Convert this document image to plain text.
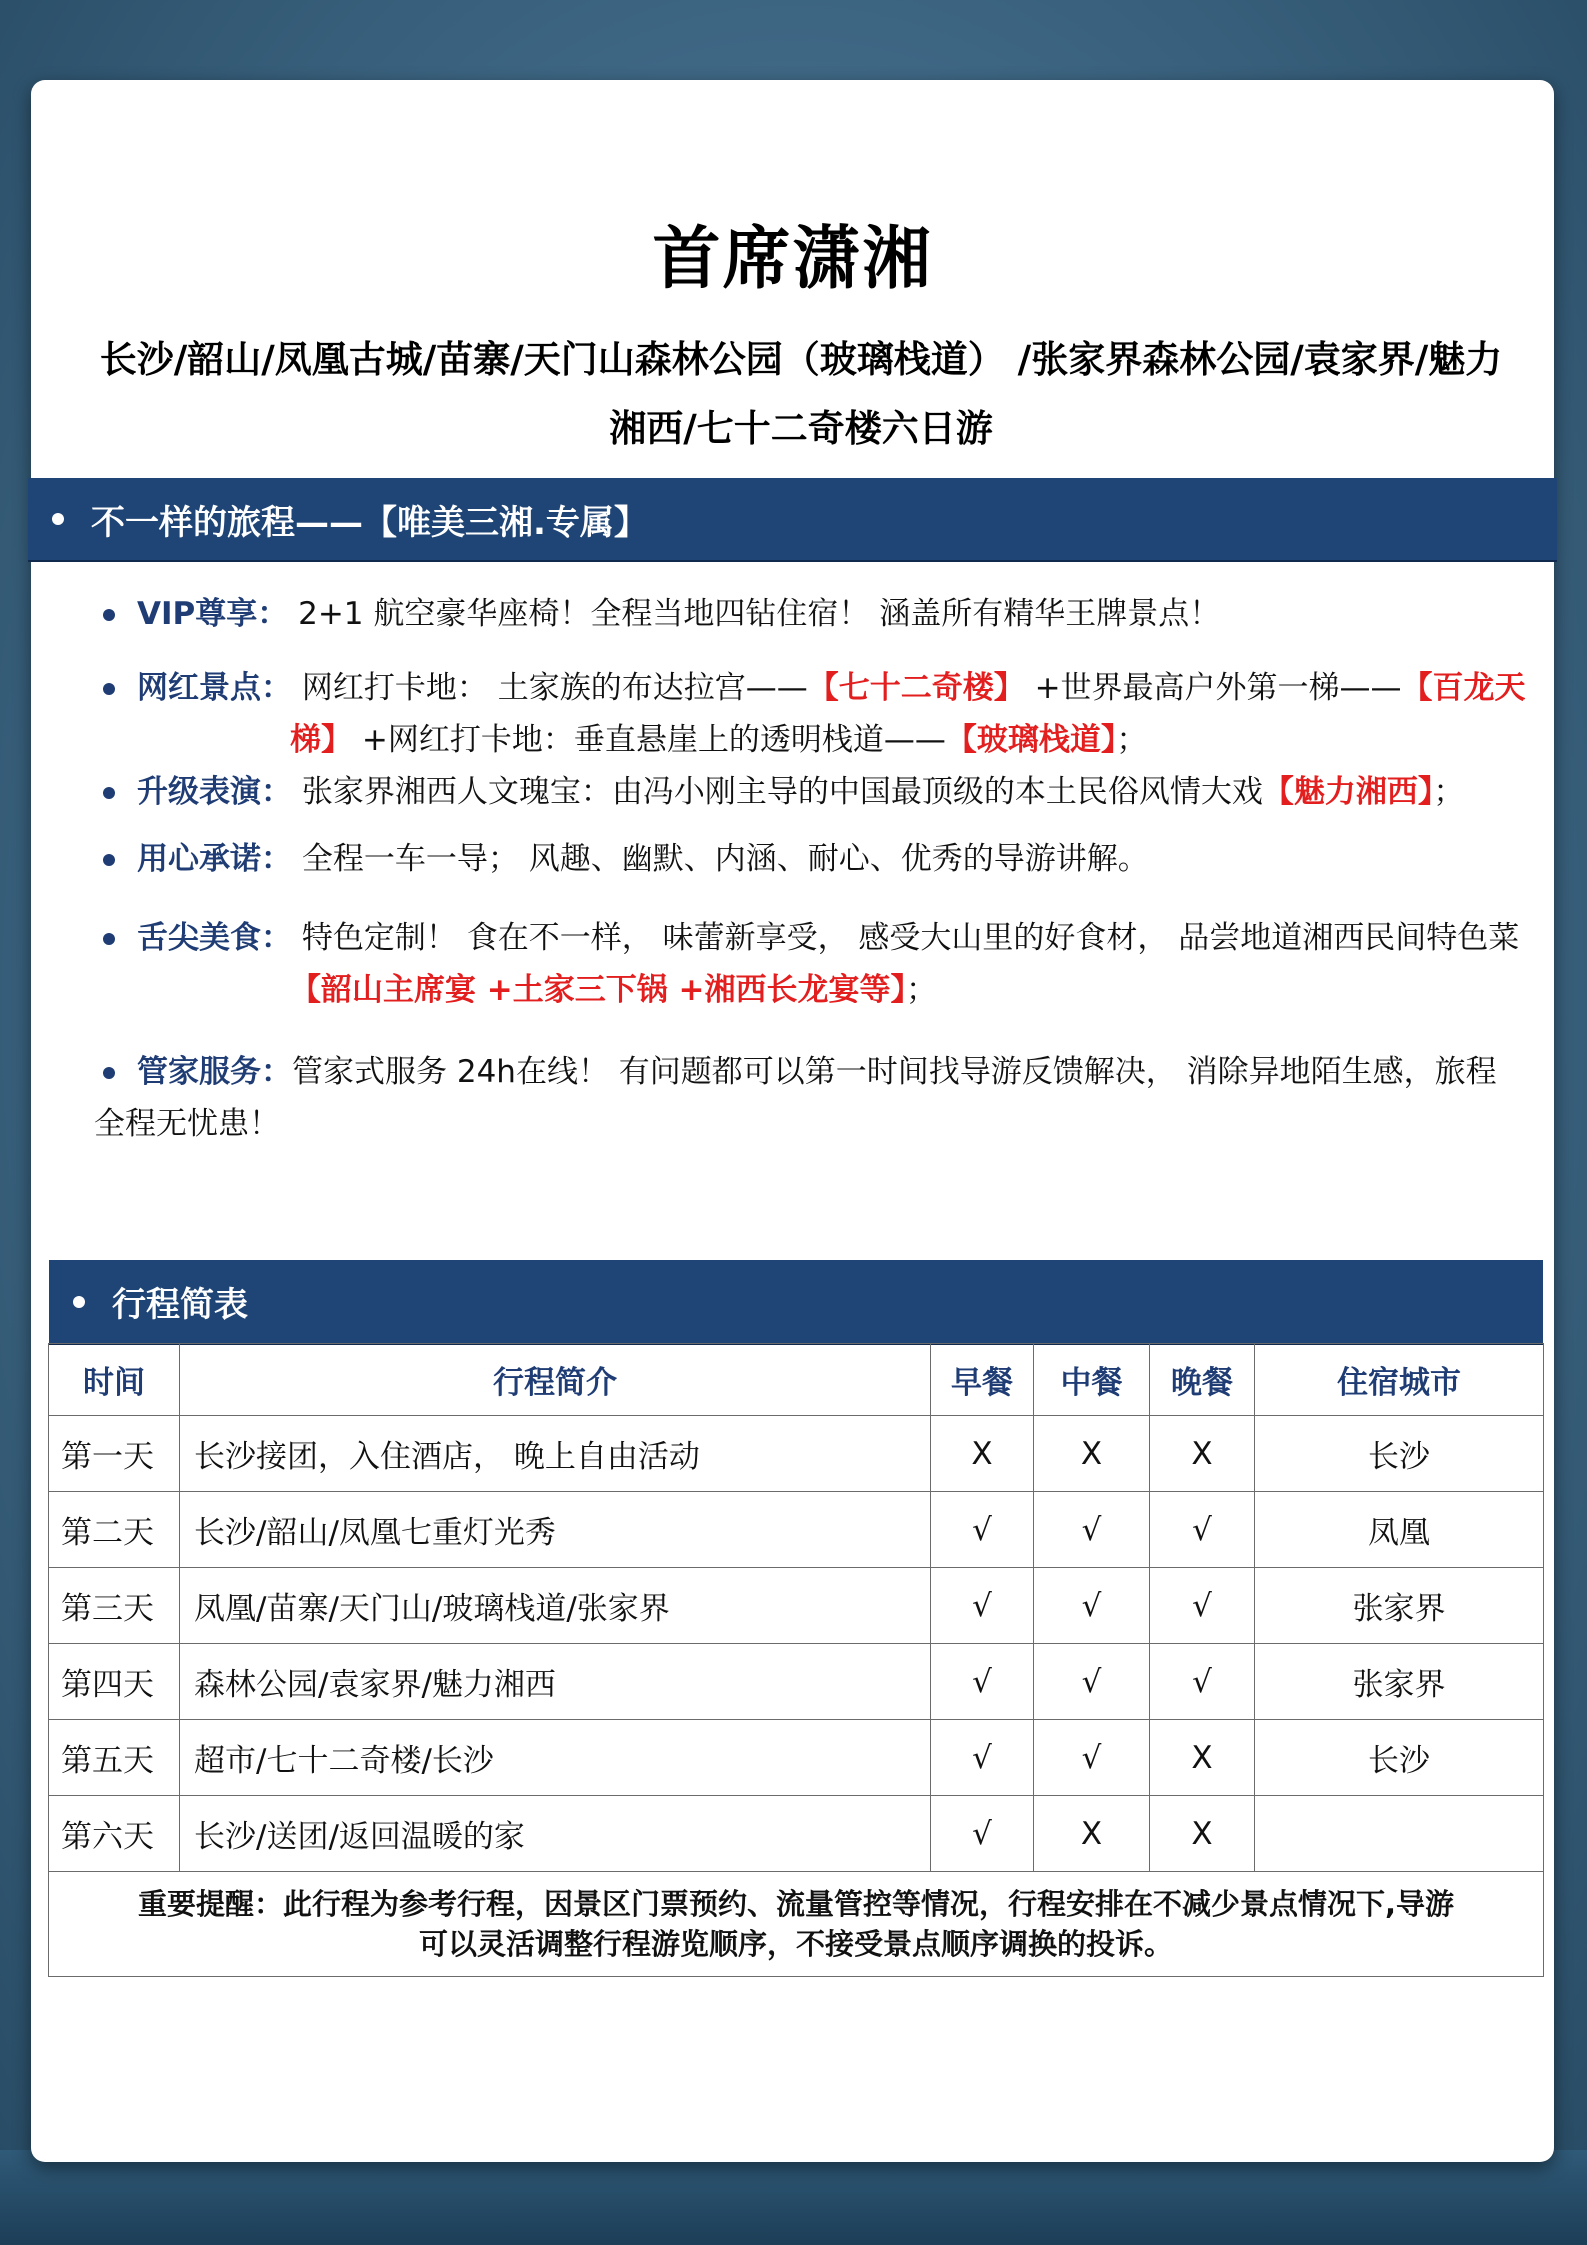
首席潇湘
长沙/韶山/凤凰古城/苗寨/天门山森林公园（玻璃栈道） /张家界森林公园/袁家界/魅力湘西/七十二奇楼六日游
不一样的旅程——【唯美三湘.专属】
VIP尊享： 2+1 航空豪华座椅！全程当地四钻住宿！ 涵盖所有精华王牌景点！
网红景点： 网红打卡地： 土家族的布达拉宫——【七十二奇楼】 +世界最高户外第一梯——【百龙天
梯】 +网红打卡地：垂直悬崖上的透明栈道——【玻璃栈道】；
升级表演： 张家界湘西人文瑰宝：由冯小刚主导的中国最顶级的本土民俗风情大戏【魅力湘西】；
用心承诺： 全程一车一导； 风趣、幽默、内涵、耐心、优秀的导游讲解。
舌尖美食： 特色定制！ 食在不一样， 味蕾新享受， 感受大山里的好食材， 品尝地道湘西民间特色菜
【韶山主席宴 +土家三下锅 +湘西长龙宴等】；
管家服务：管家式服务 24h在线！ 有问题都可以第一时间找导游反馈解决， 消除异地陌生感，旅程
全程无忧患！
行程简表
时间	行程简介	早餐	中餐	晚餐	住宿城市
第一天	长沙接团，入住酒店， 晚上自由活动	X	X	X	长沙
第二天	长沙/韶山/凤凰七重灯光秀	√	√	√	凤凰
第三天	凤凰/苗寨/天门山/玻璃栈道/张家界	√	√	√	张家界
第四天	森林公园/袁家界/魅力湘西	√	√	√	张家界
第五天	超市/七十二奇楼/长沙	√	√	X	长沙
第六天	长沙/送团/返回温暖的家	√	X	X	
重要提醒：此行程为参考行程，因景区门票预约、流量管控等情况，行程安排在不减少景点情况下,导游
可以灵活调整行程游览顺序，不接受景点顺序调换的投诉。					
